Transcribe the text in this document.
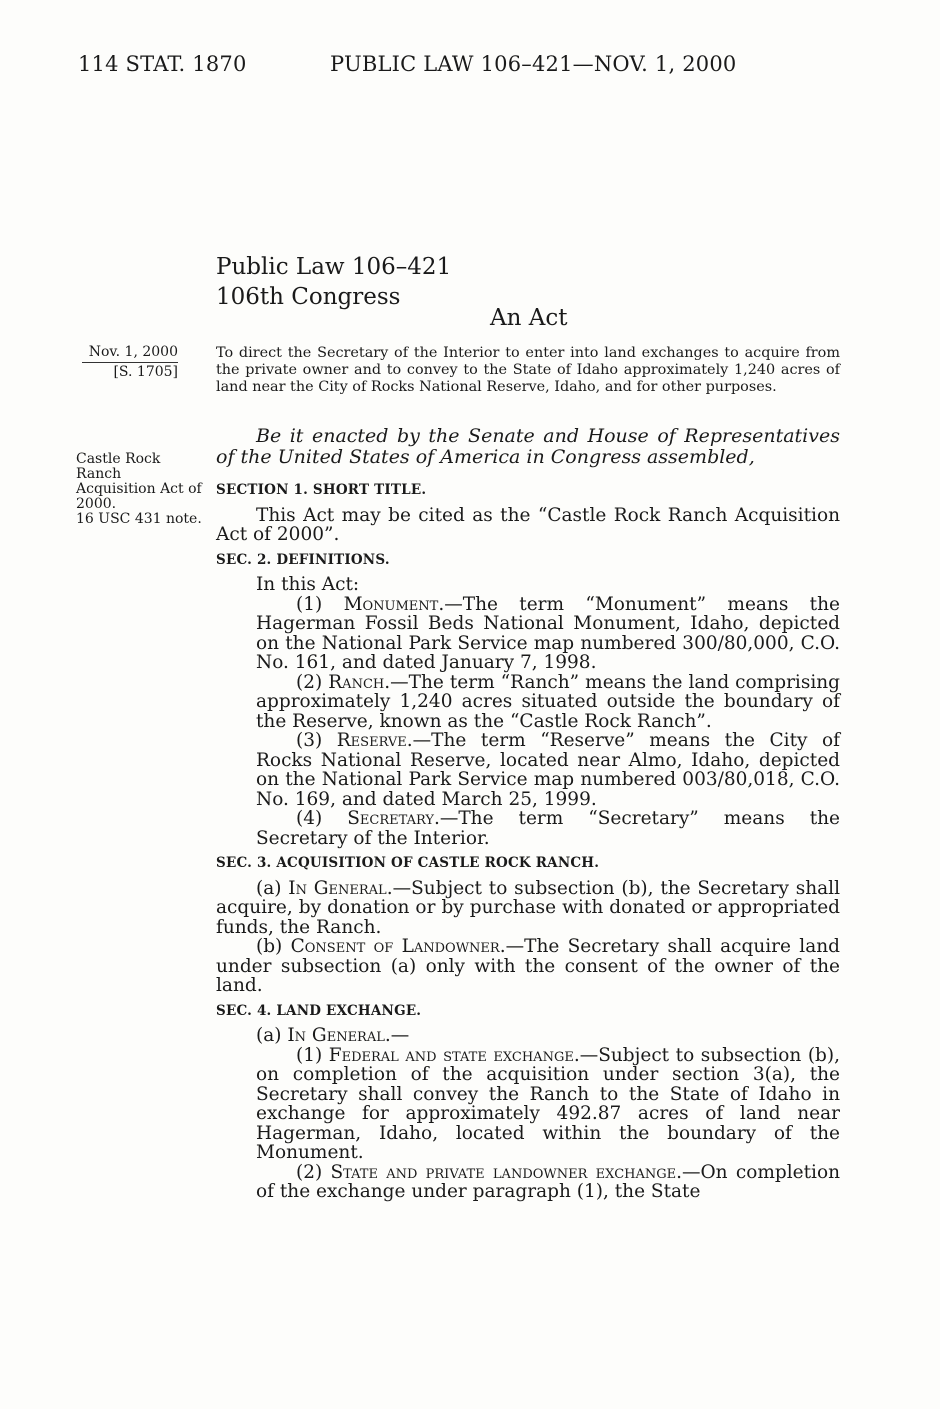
114 STAT. 1870	PUBLIC LAW 106–421—NOV. 1, 2000
Public Law 106–421
106th Congress
An Act
Nov. 1, 2000
[S. 1705]
Castle Rock
Ranch
Acquisition Act of
2000.
16 USC 431 note.
To direct the Secretary of the Interior to enter into land exchanges to acquire from the private owner and to convey to the State of Idaho approximately 1,240 acres of land near the City of Rocks National Reserve, Idaho, and for other purposes.
Be it enacted by the Senate and House of Representatives of the United States of America in Congress assembled,
SECTION 1. SHORT TITLE.

This Act may be cited as the “Castle Rock Ranch Acquisition Act of 2000”.

SEC. 2. DEFINITIONS.

In this Act:

(1) Monument.—The term “Monument” means the Hagerman Fossil Beds National Monument, Idaho, depicted on the National Park Service map numbered 300/80,000, C.O. No. 161, and dated January 7, 1998.

(2) Ranch.—The term “Ranch” means the land comprising approximately 1,240 acres situated outside the boundary of the Reserve, known as the “Castle Rock Ranch”.

(3) Reserve.—The term “Reserve” means the City of Rocks National Reserve, located near Almo, Idaho, depicted on the National Park Service map numbered 003/80,018, C.O. No. 169, and dated March 25, 1999.

(4) Secretary.—The term “Secretary” means the Secretary of the Interior.

SEC. 3. ACQUISITION OF CASTLE ROCK RANCH.

(a) In General.—Subject to subsection (b), the Secretary shall acquire, by donation or by purchase with donated or appropriated funds, the Ranch.

(b) Consent of Landowner.—The Secretary shall acquire land under subsection (a) only with the consent of the owner of the land.

SEC. 4. LAND EXCHANGE.

(a) In General.—

(1) Federal and state exchange.—Subject to subsection (b), on completion of the acquisition under section 3(a), the Secretary shall convey the Ranch to the State of Idaho in exchange for approximately 492.87 acres of land near Hagerman, Idaho, located within the boundary of the Monument.

(2) State and private landowner exchange.—On completion of the exchange under paragraph (1), the State
